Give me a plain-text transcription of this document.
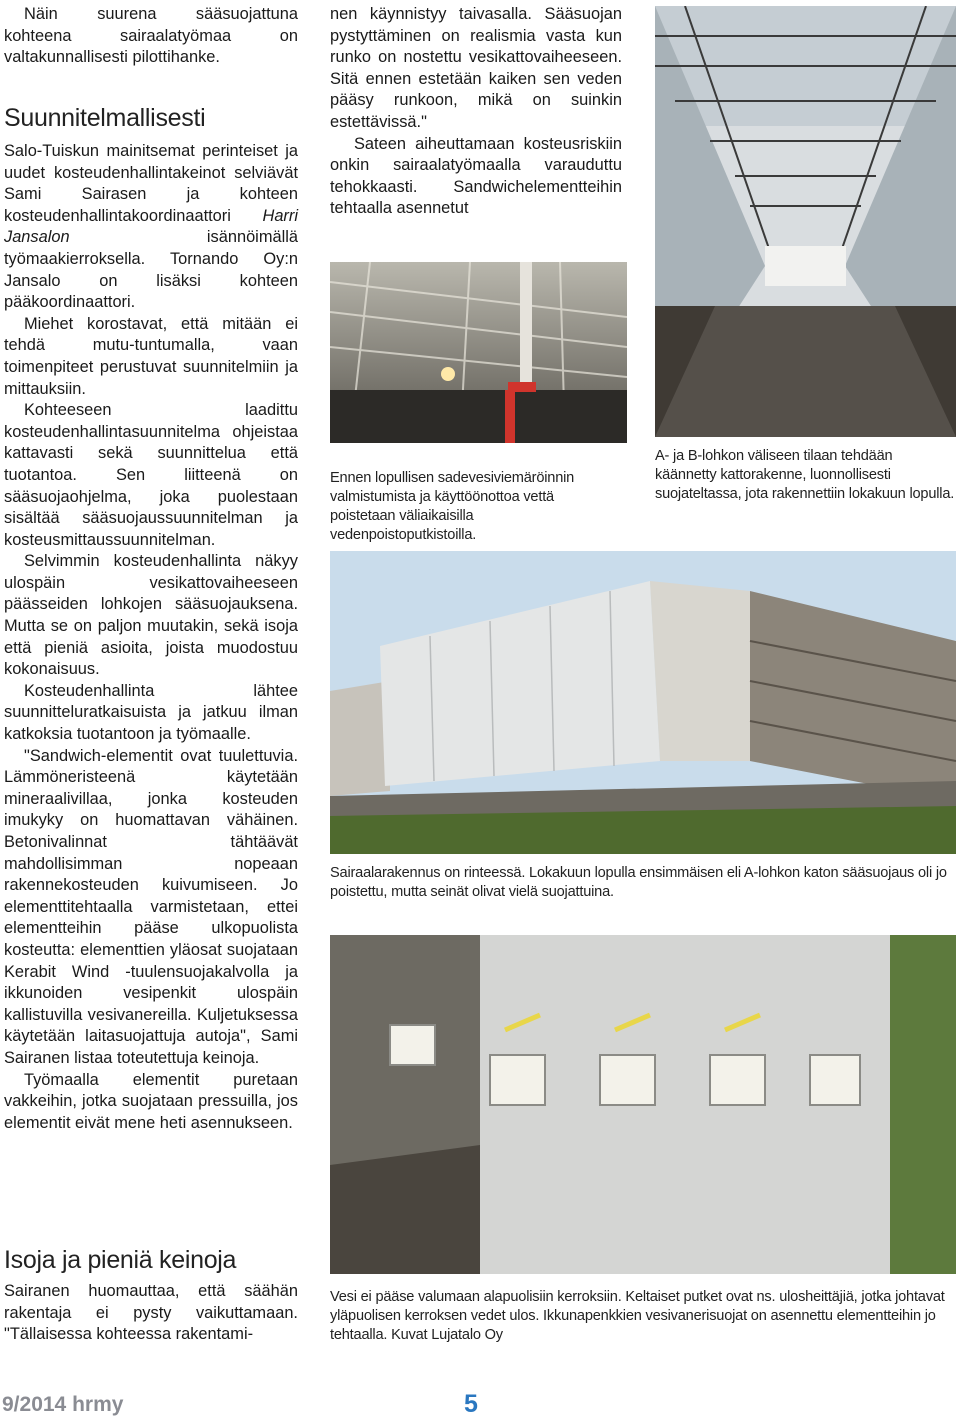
Näin suurena sääsuojattuna kohteena sairaalatyömaa on valtakunnallisesti pilottihanke.

Suunnitelmallisesti

Salo-Tuiskun mainitsemat perinteiset ja uudet kosteudenhallintakeinot selviävät Sami Sairasen ja kohteen kosteudenhallintakoordinaattori Harri Jansalon isännöimällä työmaakierroksella. Tornando Oy:n Jansalo on lisäksi kohteen pääkoordinaattori.

Miehet korostavat, että mitään ei tehdä mutu-tuntumalla, vaan toimenpiteet perustuvat suunnitelmiin ja mittauksiin.

Kohteeseen laadittu kosteudenhallintasuunnitelma ohjeistaa kattavasti sekä suunnittelua että tuotantoa. Sen liitteenä on sääsuojaohjelma, joka puolestaan sisältää sääsuojaussuunnitelman ja kosteusmittaussuunnitelman.

Selvimmin kosteudenhallinta näkyy ulospäin vesikattovaiheeseen päässeiden lohkojen sääsuojauksena. Mutta se on paljon muutakin, sekä isoja että pieniä asioita, joista muodostuu kokonaisuus.

Kosteudenhallinta lähtee suunnitteluratkaisuista ja jatkuu ilman katkoksia tuotantoon ja työmaalle.

"Sandwich-elementit ovat tuulettuvia. Lämmöneristeenä käytetään mineraalivillaa, jonka kosteuden imukyky on huomattavan vähäinen. Betonivalinnat tähtäävät mahdollisimman nopeaan rakennekosteuden kuivumiseen. Jo elementtitehtaalla varmistetaan, ettei elementteihin pääse ulkopuolista kosteutta: elementtien yläosat suojataan Kerabit Wind -tuulensuojakalvolla ja ikkunoiden vesipenkit ulospäin kallistuvilla vesivanereilla. Kuljetuksessa käytetään laitasuojattuja autoja", Sami Sairanen listaa toteutettuja keinoja.

Työmaalla elementit puretaan vakkeihin, jotka suojataan pressuilla, jos elementit eivät mene heti asennukseen.

Isoja ja pieniä keinoja

Sairanen huomauttaa, että säähän rakentaja ei pysty vaikuttamaan. "Tällaisessa kohteessa rakentami-

nen käynnistyy taivasalla. Sääsuojan pystyttäminen on realismia vasta kun runko on nostettu vesikattovaiheeseen. Sitä ennen estetään kaiken sen veden pääsy runkoon, mikä on suinkin estettävissä."

Sateen aiheuttamaan kosteusriskiin onkin sairaalatyömaalla varauduttu tehokkaasti. Sandwichelementteihin tehtaalla asennetut

Ennen lopullisen sadevesiviemäröinnin valmistumista ja käyttöönottoa vettä poistetaan väliaikaisilla vedenpoistoputkistoilla.

A- ja B-lohkon väliseen tilaan tehdään käännetty kattorakenne, luonnollisesti suojateltassa, jota rakennettiin lokakuun lopulla.

Sairaalarakennus on rinteessä. Lokakuun lopulla ensimmäisen eli A-lohkon katon sääsuojaus oli jo poistettu, mutta seinät olivat vielä suojattuina.

Vesi ei pääse valumaan alapuolisiin kerroksiin. Keltaiset putket ovat ns. ulosheittäjiä, jotka johtavat yläpuolisen kerroksen vedet ulos. Ikkunapenkkien vesivanerisuojat on asennettu elementteihin jo tehtaalla. Kuvat Lujatalo Oy

9/2014 hrmy	5
